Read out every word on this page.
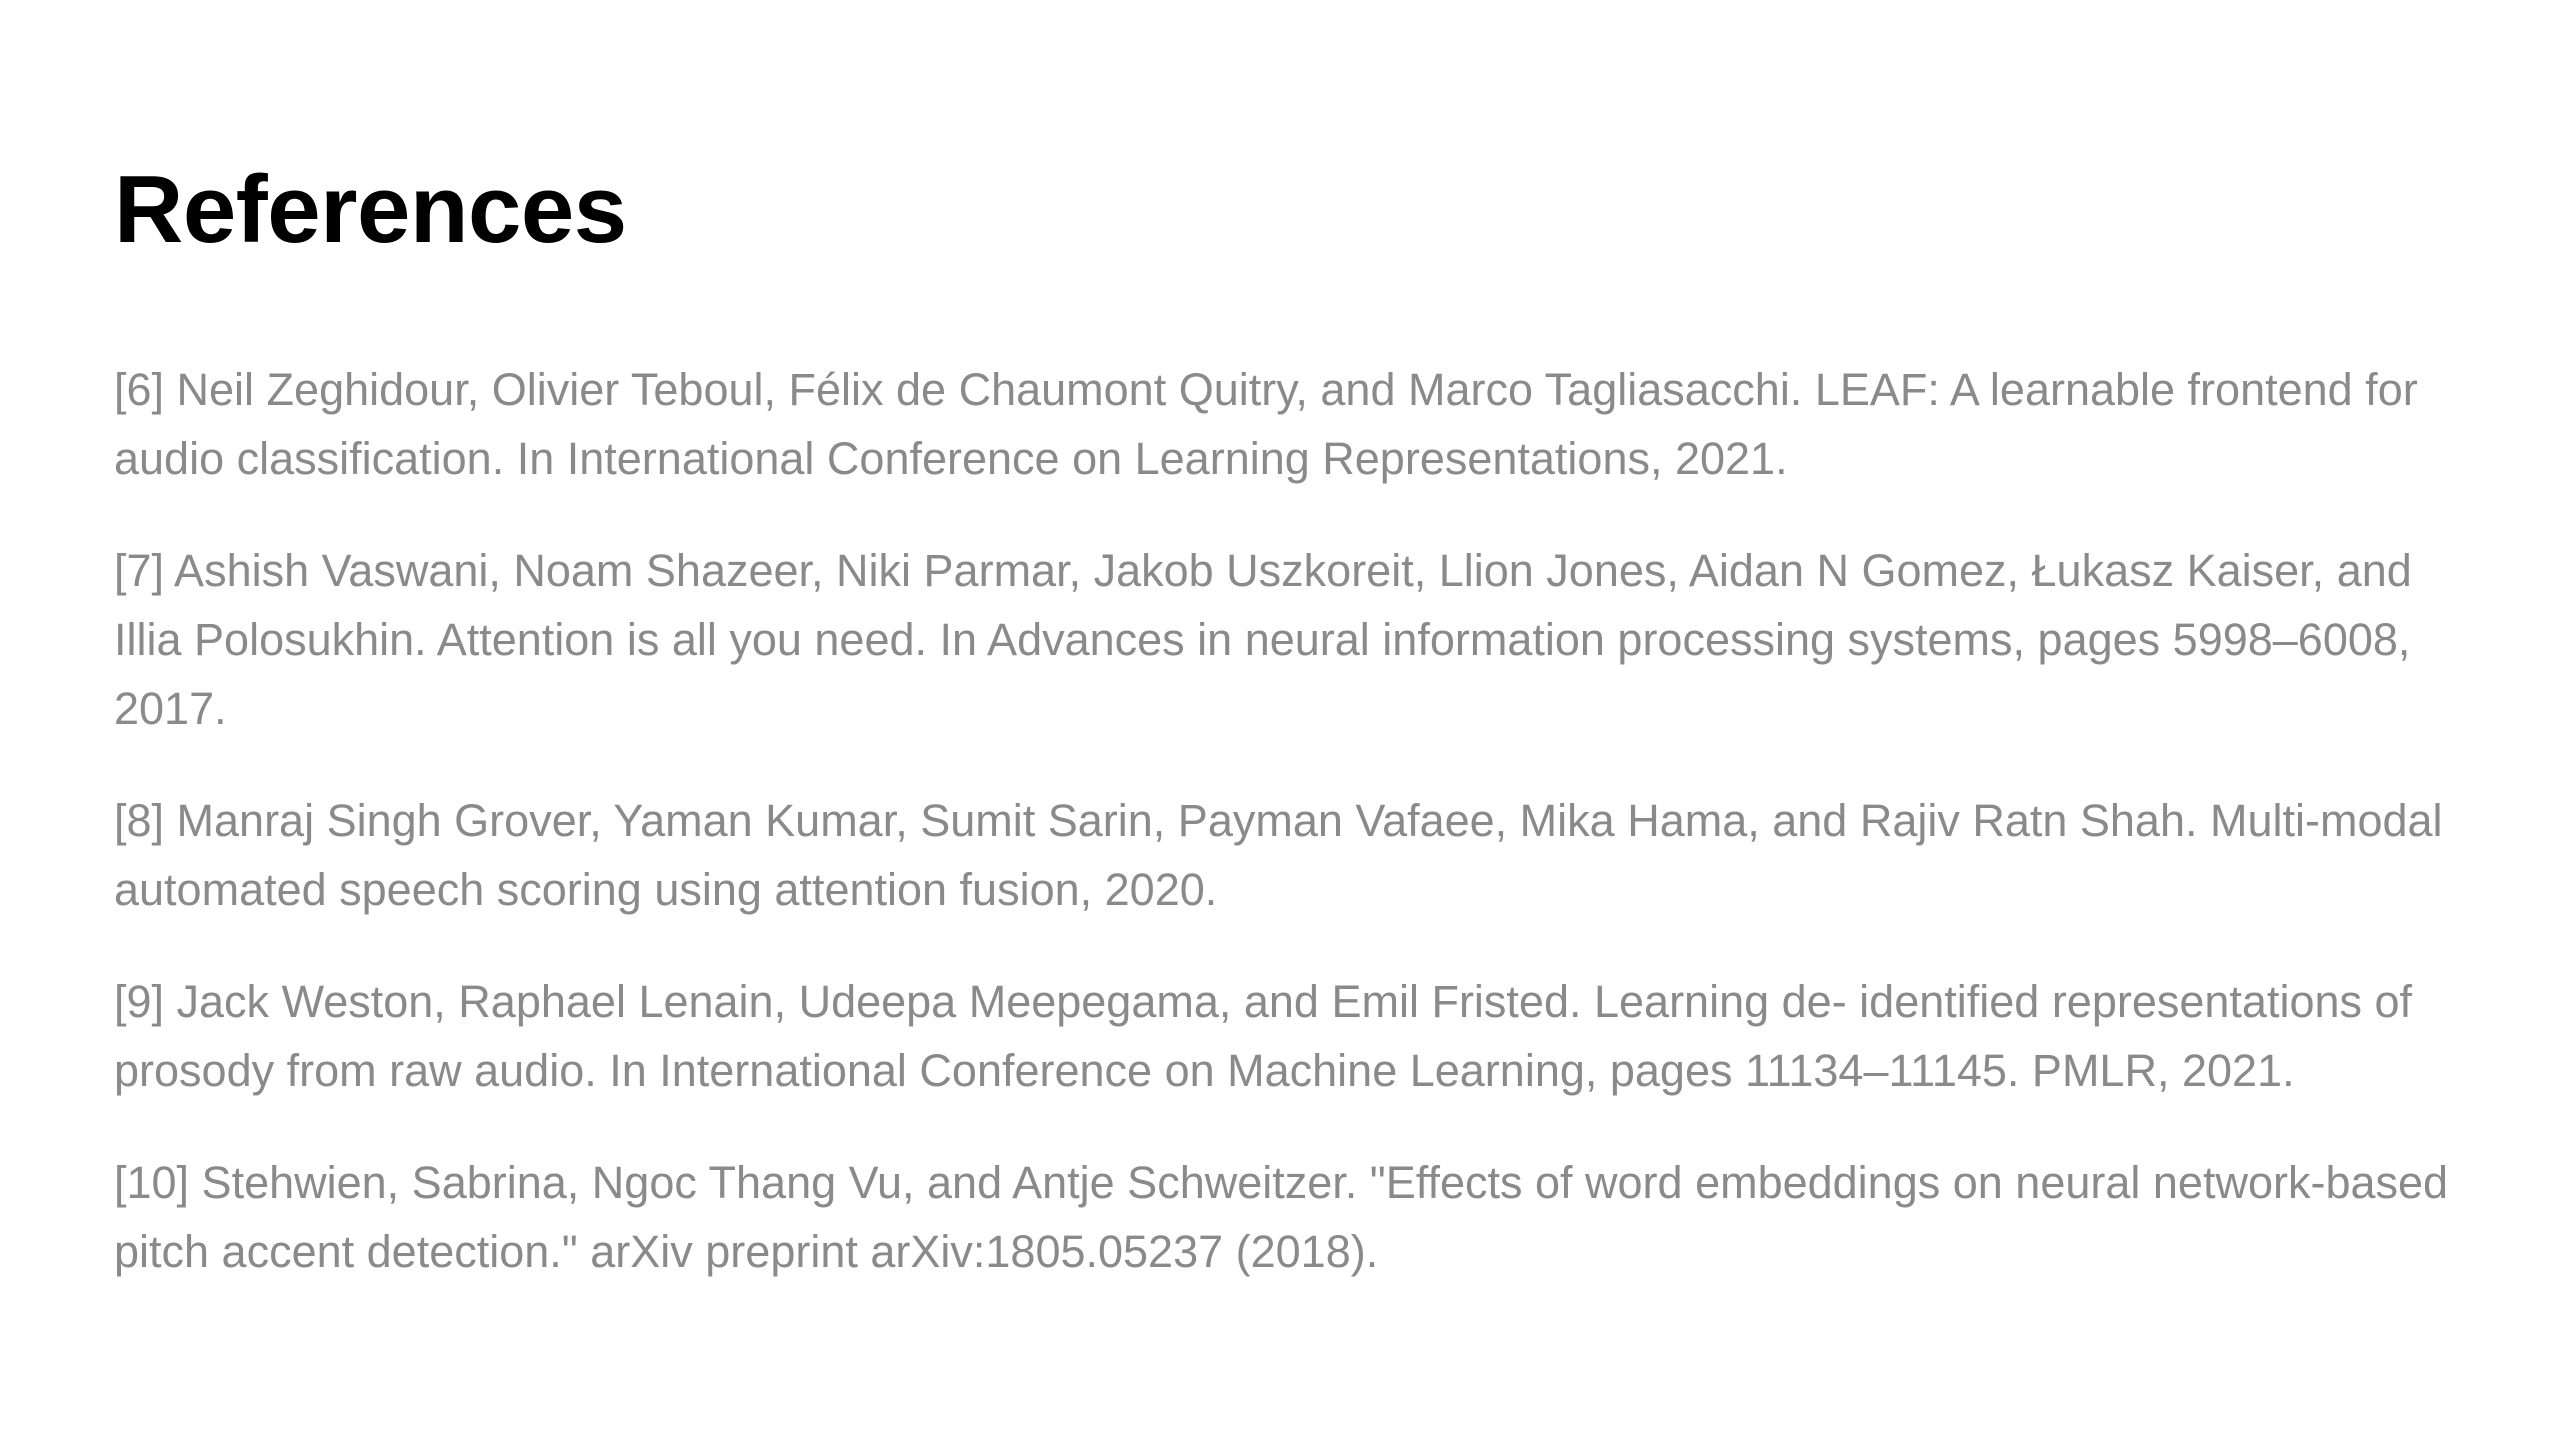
References
[6] Neil Zeghidour, Olivier Teboul, Félix de Chaumont Quitry, and Marco Tagliasacchi. LEAF: A learnable frontend for audio classification. In International Conference on Learning Representations, 2021.
[7] Ashish Vaswani, Noam Shazeer, Niki Parmar, Jakob Uszkoreit, Llion Jones, Aidan N Gomez, Łukasz Kaiser, and Illia Polosukhin. Attention is all you need. In Advances in neural information processing systems, pages 5998–6008, 2017.
[8] Manraj Singh Grover, Yaman Kumar, Sumit Sarin, Payman Vafaee, Mika Hama, and Rajiv Ratn Shah. Multi-modal automated speech scoring using attention fusion, 2020.
[9] Jack Weston, Raphael Lenain, Udeepa Meepegama, and Emil Fristed. Learning de- identified representations of prosody from raw audio. In International Conference on Machine Learning, pages 11134–11145. PMLR, 2021.
[10] Stehwien, Sabrina, Ngoc Thang Vu, and Antje Schweitzer. "Effects of word embeddings on neural network-based pitch accent detection." arXiv preprint arXiv:1805.05237 (2018).
